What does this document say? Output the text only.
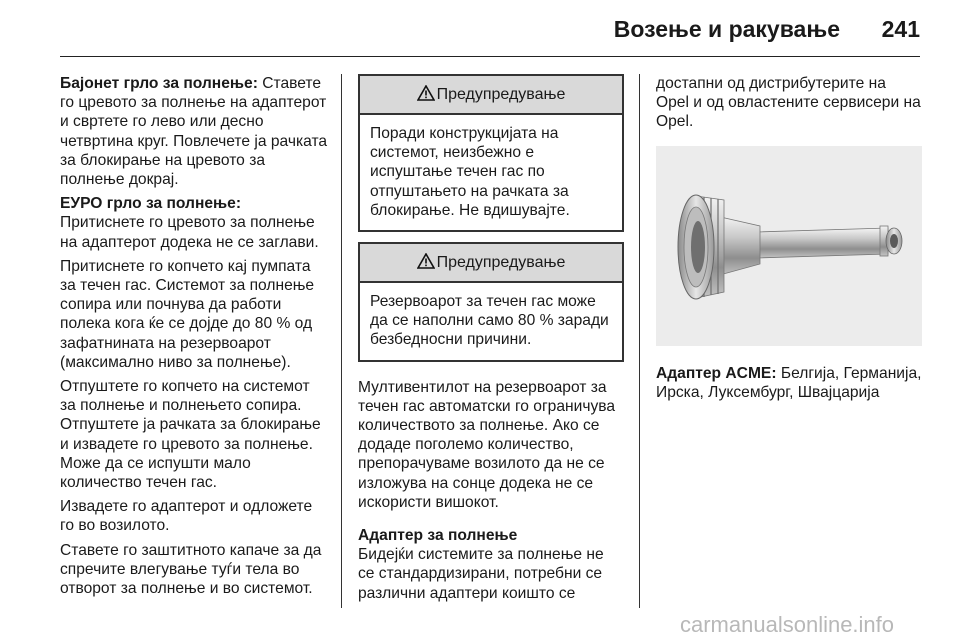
Возење и ракување 241

Бајонет грло за полнење: Ставете го цревото за полнење на адаптерот и свртете го лево или десно четвртина круг. Повлечете ја рачката за блокирање на цревото за полнење докрај.

ЕУРО грло за полнење:
Притиснете го цревото за полнење на адаптерот додека не се заглави.

Притиснете го копчето кај пумпата за течен гас. Системот за полнење сопира или почнува да работи полека кога ќе се дојде до 80 % од зафатнината на резервоарот (максимално ниво за полнење).

Отпуштете го копчето на системот за полнење и полнењето сопира. Отпуштете ја рачката за блокирање и извадете го цревото за полнење. Може да се испушти мало количество течен гас.

Извадете го адаптерот и одложете го во возилото.

Ставете го заштитното капаче за да спречите влегување туѓи тела во отворот за полнење и во системот.

Предупредување
Поради конструкцијата на системот, неизбежно е испуштање течен гас по отпуштањето на рачката за блокирање. Не вдишувајте.
Предупредување
Резервоарот за течен гас може да се наполни само 80 % заради безбедносни причини.

Мултивентилот на резервоарот за течен гас автоматски го ограничува количеството за полнење. Ако се додаде поголемо количество, препорачуваме возилото да не се изложува на сонце додека не се искористи вишокот.

Адаптер за полнење

Бидејќи системите за полнење не се стандардизирани, потребни се различни адаптери коишто се

достапни од дистрибутерите на Opel и од овластените сервисери на Opel.

Адаптер ACME: Белгија, Германија, Ирска, Луксембург, Швајцарија

carmanualsonline.info
